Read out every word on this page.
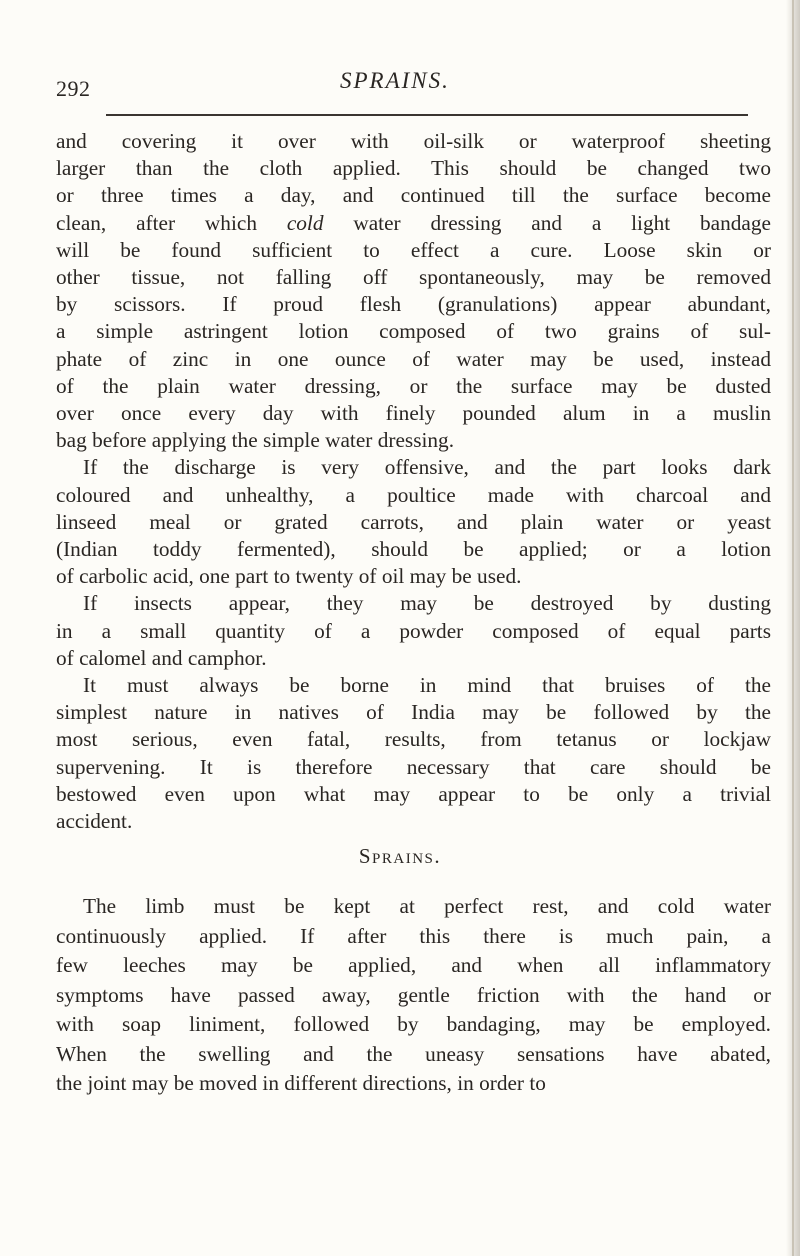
292	SPRAINS.
and covering it over with oil-silk or waterproof sheeting
larger than the cloth applied. This should be changed two
or three times a day, and continued till the surface become
clean, after which cold water dressing and a light bandage
will be found sufficient to effect a cure. Loose skin or
other tissue, not falling off spontaneously, may be removed
by scissors. If proud flesh (granulations) appear abundant,
a simple astringent lotion composed of two grains of sul-
phate of zinc in one ounce of water may be used, instead
of the plain water dressing, or the surface may be dusted
over once every day with finely pounded alum in a muslin
bag before applying the simple water dressing.
If the discharge is very offensive, and the part looks dark
coloured and unhealthy, a poultice made with charcoal and
linseed meal or grated carrots, and plain water or yeast
(Indian toddy fermented), should be applied; or a lotion
of carbolic acid, one part to twenty of oil may be used.
If insects appear, they may be destroyed by dusting
in a small quantity of a powder composed of equal parts
of calomel and camphor.
It must always be borne in mind that bruises of the
simplest nature in natives of India may be followed by the
most serious, even fatal, results, from tetanus or lockjaw
supervening. It is therefore necessary that care should be
bestowed even upon what may appear to be only a trivial
accident.
Sprains.
The limb must be kept at perfect rest, and cold water
continuously applied. If after this there is much pain, a
few leeches may be applied, and when all inflammatory
symptoms have passed away, gentle friction with the hand or
with soap liniment, followed by bandaging, may be employed.
When the swelling and the uneasy sensations have abated,
the joint may be moved in different directions, in order to
